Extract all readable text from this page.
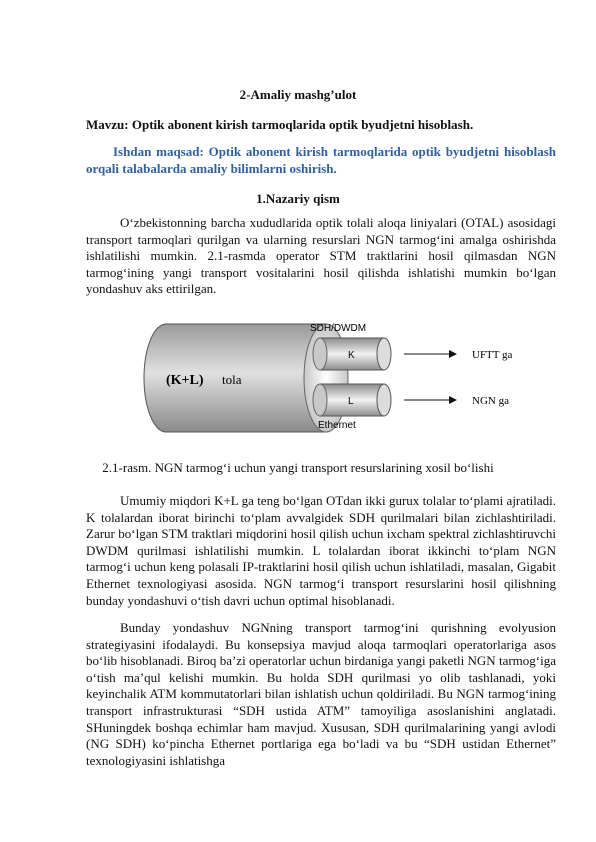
2-Amaliy mashg’ulot
Mavzu: Optik abonent kirish tarmoqlarida optik byudjetni hisoblash.
Ishdan maqsad: Optik abonent kirish tarmoqlarida optik byudjetni hisoblash orqali talabalarda amaliy bilimlarni oshirish.
1.Nazariy qism

O‘zbekistonning barcha xududlarida optik tolali aloqa liniyalari (OTAL) asosidagi transport tarmoqlari qurilgan va ularning resurslari NGN tarmog‘ini amalga oshirishda ishlatilishi mumkin. 2.1-rasmda operator STM traktlarini hosil qilmasdan NGN tarmog‘ining yangi transport vositalarini hosil qilishda ishlatishi mumkin bo‘lgan yondashuv aks ettirilgan.

(K+L) tola
SDH/DWDM
K
L
Ethernet
UFTT ga
NGN ga
2.1-rasm. NGN tarmog‘i uchun yangi transport resurslarining xosil bo‘lishi

Umumiy miqdori K+L ga teng bo‘lgan OTdan ikki gurux tolalar to‘plami ajratiladi. K tolalardan iborat birinchi to‘plam avvalgidek SDH qurilmalari bilan zichlashtiriladi. Zarur bo‘lgan STM traktlari miqdorini hosil qilish uchun ixcham spektral zichlashtiruvchi DWDM qurilmasi ishlatilishi mumkin. L tolalardan iborat ikkinchi to‘plam NGN tarmog‘i uchun keng polasali IP-traktlarini hosil qilish uchun ishlatiladi, masalan, Gigabit Ethernet texnologiyasi asosida. NGN tarmog‘i transport resurslarini hosil qilishning bunday yondashuvi o‘tish davri uchun optimal hisoblanadi.

Bunday yondashuv NGNning transport tarmog‘ini qurishning evolyusion strategiyasini ifodalaydi. Bu konsepsiya mavjud aloqa tarmoqlari operatorlariga asos bo‘lib hisoblanadi. Biroq ba’zi operatorlar uchun birdaniga yangi paketli NGN tarmog‘iga o‘tish ma’qul kelishi mumkin. Bu holda SDH qurilmasi yo olib tashlanadi, yoki keyinchalik ATM kommutatorlari bilan ishlatish uchun qoldiriladi. Bu NGN tarmog‘ining transport infrastrukturasi “SDH ustida ATM” tamoyiliga asoslanishini anglatadi. SHuningdek boshqa echimlar ham mavjud. Xususan, SDH qurilmalarining yangi avlodi (NG SDH) ko‘pincha Ethernet portlariga ega bo‘ladi va bu “SDH ustidan Ethernet” texnologiyasini ishlatishga
